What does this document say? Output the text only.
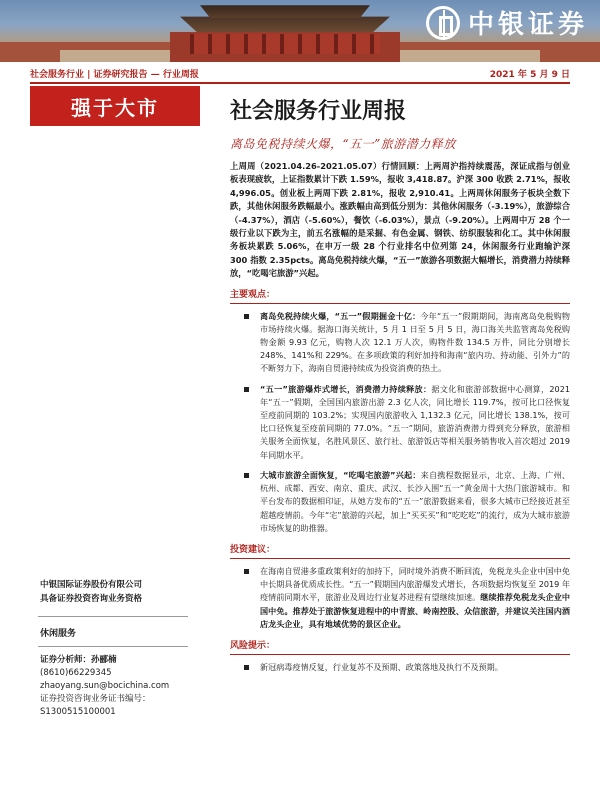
中银证券
社会服务行业 | 证券研究报告 — 行业周报	2021 年 5 月 9 日
强于大市
中银国际证券股份有限公司
具备证券投资咨询业务资格
休闲服务
证券分析师：孙郦楠
(8610)66229345
zhaoyang.sun@bocichina.com
证券投资咨询业务证书编号：S1300515100001
社会服务行业周报
离岛免税持续火爆，“五一”旅游潜力释放
上周周（2021.04.26-2021.05.07）行情回顾：上两周沪指持续震荡，深证成指与创业板表现疲软，上证指数累计下跌 1.59%，报收 3,418.87。沪深 300 收跌 2.71%，报收 4,996.05。创业板上两周下跌 2.81%，报收 2,910.41。上两周休闲服务子板块全数下跌，其他休闲服务跌幅最小。涨跌幅由高到低分别为：其他休闲服务（-3.19%），旅游综合（-4.37%），酒店（-5.60%），餐饮（-6.03%），景点（-9.20%）。上两周中万 28 个一级行业以下跌为主，前五名涨幅的是采掘、有色金属、钢铁、纺织服装和化工。其中休闲服务板块累跌 5.06%，在申万一级 28 个行业排名中位列第 24，休闲服务行业跑输沪深 300 指数 2.35pcts。离岛免税持续火爆，“五一”旅游各项数据大幅增长，消费潜力持续释放，“吃喝宅旅游”兴起。
主要观点：
离岛免税持续火爆，“五一”假期掘金十亿：今年“五一”假期期间，海南离岛免税购物市场持续火爆。据海口海关统计，5 月 1 日至 5 月 5 日，海口海关共监管离岛免税购物金额 9.93 亿元，购物人次 12.1 万人次，购物件数 134.5 万件，同比分别增长 248%、141%和 229%。在多项政策的利好加持和海南“旅内功、持动能、引外力”的不断努力下，海南自贸港持续成为投资消费的热土。
“五一”旅游爆炸式增长，消费潜力持续释放：据文化和旅游部数据中心测算，2021 年“五一”假期，全国国内旅游出游 2.3 亿人次，同比增长 119.7%，按可比口径恢复至疫前同期的 103.2%；实现国内旅游收入 1,132.3 亿元，同比增长 138.1%，按可比口径恢复至疫前同期的 77.0%。“五一”期间，旅游消费潜力得到充分释放，旅游相关服务全面恢复，名胜风景区、旅行社、旅游饭店等相关服务销售收入首次超过 2019 年同期水平。
大城市旅游全面恢复，“吃喝宅旅游”兴起：来自携程数据显示，北京、上海、广州、杭州、成都、西安、南京、重庆、武汉、长沙入围“五一”黄金周十大热门旅游城市。和平台发布的数据相印证，从她方发布的“五一”旅游数据来看，很多大城市已经接近甚至超越疫情前。今年“宅”旅游的兴起，加上“买买买”和“吃吃吃”的流行，成为大城市旅游市场恢复的助推器。
投资建议：
在海南自贸港多重政策利好的加持下，同时境外消费不断回流，免税龙头企业中国中免中长期具备优质成长性。“五一”假期国内旅游爆发式增长，各项数据均恢复至 2019 年疫情前同期水平，旅游业及周边行业复苏进程有望继续加速。继续推荐免税龙头企业中国中免。推荐处于旅游恢复进程中的中青旅、岭南控股、众信旅游，并建议关注国内酒店龙头企业，具有地域优势的景区企业。
风险提示：
新冠病毒疫情反复，行业复苏不及预期、政策落地及执行不及预期。
